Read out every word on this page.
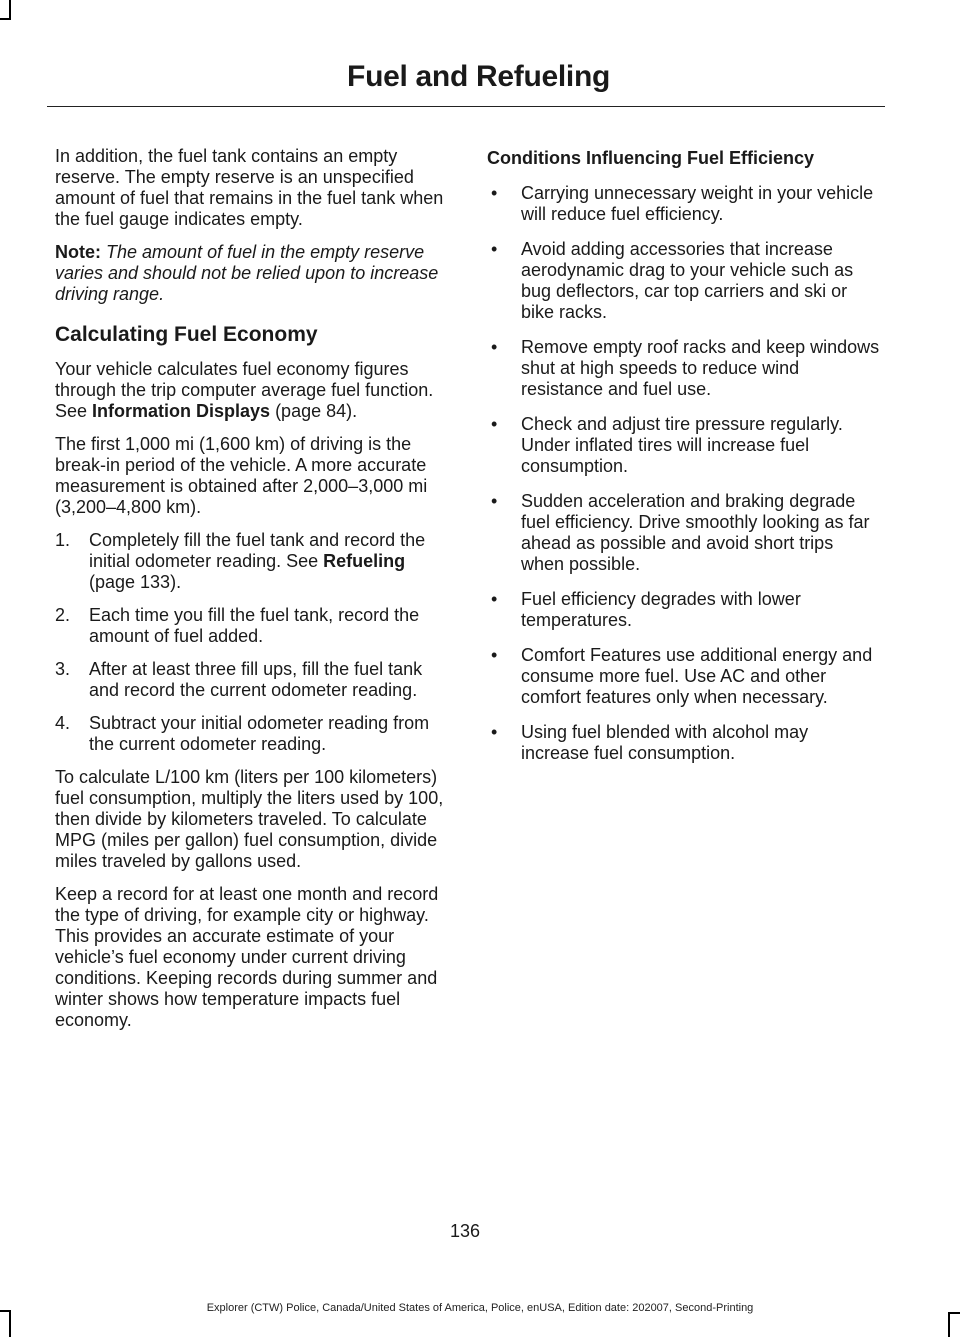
Fuel and Refueling

In addition, the fuel tank contains an empty reserve. The empty reserve is an unspecified amount of fuel that remains in the fuel tank when the fuel gauge indicates empty.

Note: The amount of fuel in the empty reserve varies and should not be relied upon to increase driving range.

Calculating Fuel Economy

Your vehicle calculates fuel economy figures through the trip computer average fuel function. See Information Displays (page 84).

The first 1,000 mi (1,600 km) of driving is the break-in period of the vehicle. A more accurate measurement is obtained after 2,000–3,000 mi (3,200–4,800 km).

1. Completely fill the fuel tank and record the initial odometer reading. See Refueling (page 133).
2. Each time you fill the fuel tank, record the amount of fuel added.
3. After at least three fill ups, fill the fuel tank and record the current odometer reading.
4. Subtract your initial odometer reading from the current odometer reading.

To calculate L/100 km (liters per 100 kilometers) fuel consumption, multiply the liters used by 100, then divide by kilometers traveled. To calculate MPG (miles per gallon) fuel consumption, divide miles traveled by gallons used.

Keep a record for at least one month and record the type of driving, for example city or highway. This provides an accurate estimate of your vehicle’s fuel economy under current driving conditions. Keeping records during summer and winter shows how temperature impacts fuel economy.

Conditions Influencing Fuel Efficiency
• Carrying unnecessary weight in your vehicle will reduce fuel efficiency.
• Avoid adding accessories that increase aerodynamic drag to your vehicle such as bug deflectors, car top carriers and ski or bike racks.
• Remove empty roof racks and keep windows shut at high speeds to reduce wind resistance and fuel use.
• Check and adjust tire pressure regularly. Under inflated tires will increase fuel consumption.
• Sudden acceleration and braking degrade fuel efficiency. Drive smoothly looking as far ahead as possible and avoid short trips when possible.
• Fuel efficiency degrades with lower temperatures.
• Comfort Features use additional energy and consume more fuel. Use AC and other comfort features only when necessary.
• Using fuel blended with alcohol may increase fuel consumption.
136
Explorer (CTW) Police, Canada/United States of America, Police, enUSA, Edition date: 202007, Second-Printing
